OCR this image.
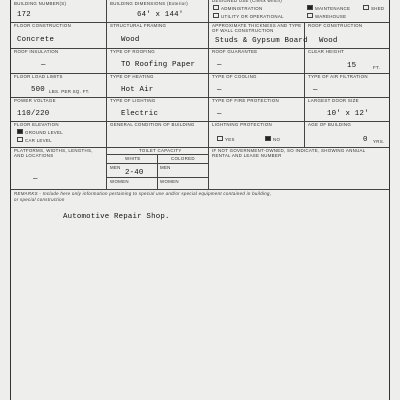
BUILDING NUMBER(S)
172
BUILDING DIMENSIONS (Exterior)
64' x 144'
DESIGNED USE (Check which)
ADMINISTRATION	MAINTENANCE	SHED
UTILITY OR OPERATIONAL	WAREHOUSE
FLOOR CONSTRUCTION
Concrete
STRUCTURAL FRAMING
Wood
APPROXIMATE THICKNESS AND TYPE
OF WALL CONSTRUCTION
Studs & Gypsum Board
ROOF CONSTRUCTION
Wood
ROOF INSULATION
—
TYPE OF ROOFING
TO Roofing Paper
ROOF GUARANTEE
—
CLEAR HEIGHT
15	FT.
FLOOR LOAD LIMITS
500 LBS. PER SQ. FT.
TYPE OF HEATING
Hot Air
TYPE OF COOLING
—
TYPE OF AIR FILTRATION
—
POWER VOLTAGE
110/220
TYPE OF LIGHTING
Electric
TYPE OF FIRE PROTECTION
—
LARGEST DOOR SIZE
10' x 12'
FLOOR ELEVATION
GROUND LEVEL
CAR LEVEL
GENERAL CONDITION OF BUILDING	LIGHTNING PROTECTION
YES	NO
AGE OF BUILDING
0 YRS.
PLATFORMS, WIDTHS, LENGTHS,
AND LOCATIONS
—
TOILET CAPACITY
WHITE	COLORED
MEN
2-40
MEN
WOMEN	WOMEN
IF NOT GOVERNMENT-OWNED, SO INDICATE, SHOWING ANNUAL
RENTAL AND LEASE NUMBER
REMARKS - Include here only information pertaining to special use and/or special equipment contained in building,
or special construction
Automotive Repair Shop.
